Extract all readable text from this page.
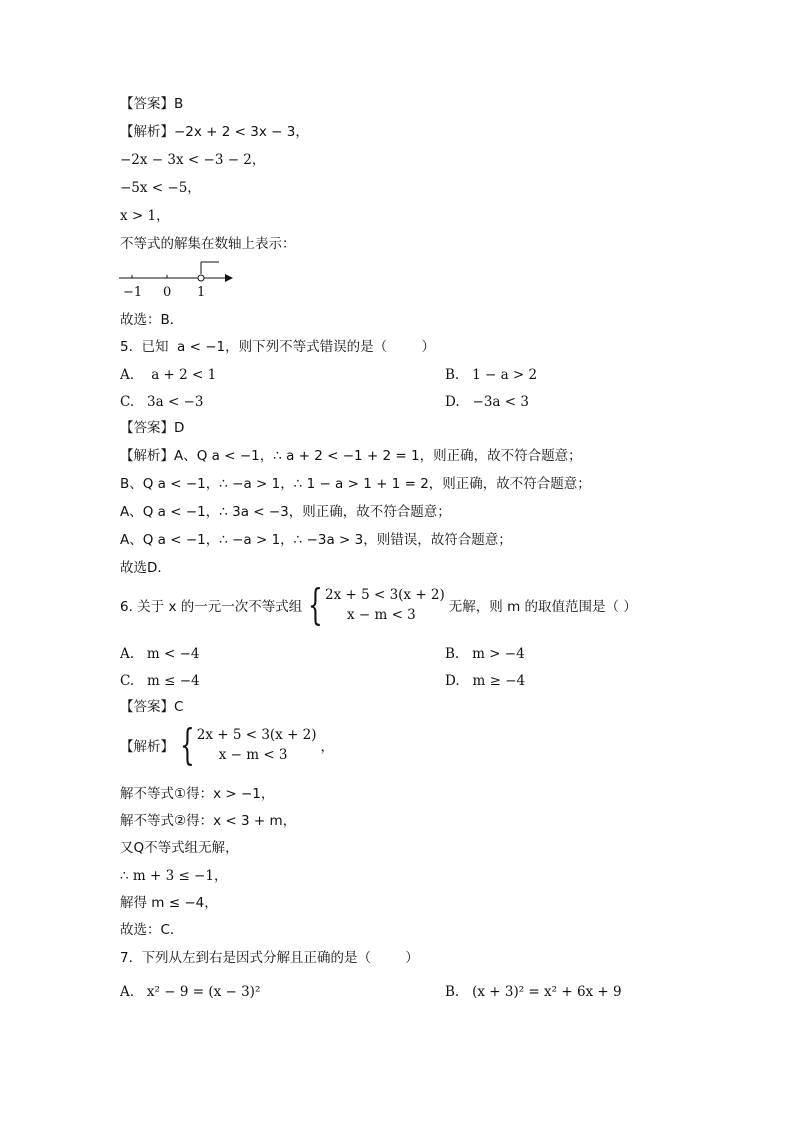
【答案】B
【解析】−2x + 2 < 3x − 3，
−2x − 3x < −3 − 2，
−5x < −5，
x > 1，
不等式的解集在数轴上表示：
−1 0 1
故选：B．
5.  已知  a < −1，则下列不等式错误的是（        ）
A.    a + 2 < 1	B.   1 − a > 2
C.   3a < −3	D.   −3a < 3
【答案】D
【解析】A、Q a < −1，∴ a + 2 < −1 + 2 = 1，则正确，故不符合题意；
B、Q a < −1，∴ −a > 1，∴ 1 − a > 1 + 1 = 2，则正确，故不符合题意；
A、Q a < −1，∴ 3a < −3，则正确，故不符合题意；
A、Q a < −1，∴ −a > 1，∴ −3a > 3，则错误，故符合题意；
故选D．
6. 关于 x 的一元一次不等式组 { 2x + 5 < 3(x + 2)
x − m < 3	无解，则 m 的取值范围是（ ）
A.   m < −4	B.   m > −4
C.   m ≤ −4	D.   m ≥ −4
【答案】C
【解析】 { 2x + 5 < 3(x + 2)
x − m < 3	，
解不等式①得：x > −1，
解不等式②得：x < 3 + m，
又Q不等式组无解，
∴ m + 3 ≤ −1，
解得 m ≤ −4，
故选：C．
7.  下列从左到右是因式分解且正确的是（        ）
A.   x² − 9 = (x − 3)²	B.   (x + 3)² = x² + 6x + 9
